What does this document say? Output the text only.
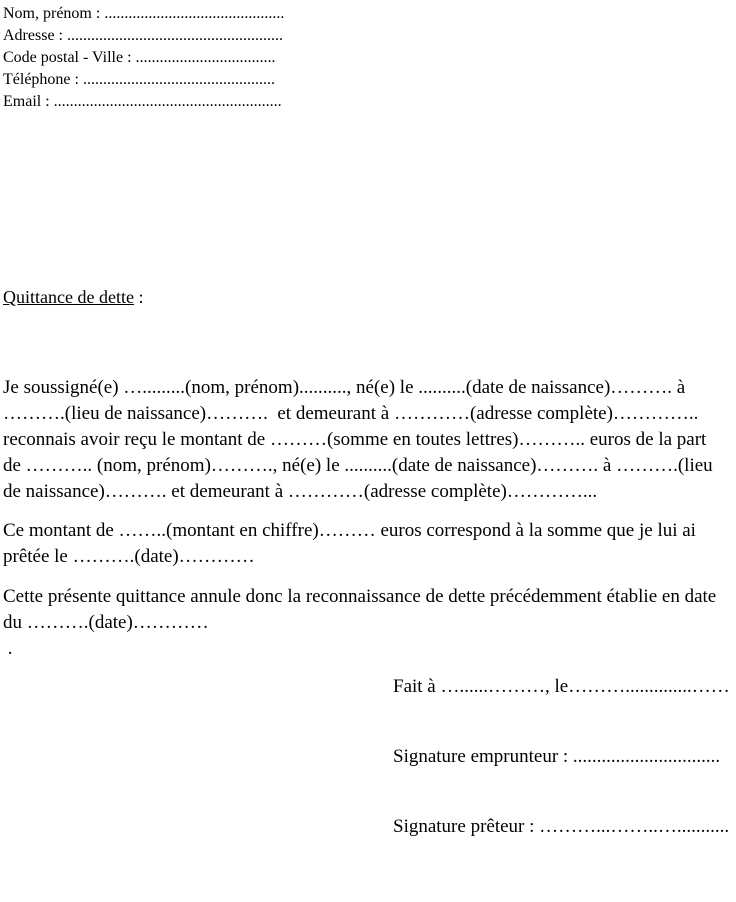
Nom, prénom : .............................................
Adresse : ......................................................
Code postal - Ville : ...................................
Téléphone : ................................................
Email : .........................................................
Quittance de dette :
Je soussigné(e) ….........(nom, prénom).........., né(e) le ..........(date de naissance)………. à
……….(lieu de naissance)……….  et demeurant à …………(adresse complète)…………..
reconnais avoir reçu le montant de ………(somme en toutes lettres)……….. euros de la part
de ……….. (nom, prénom)………., né(e) le ..........(date de naissance)………. à ……….(lieu
de naissance)………. et demeurant à …………(adresse complète)…………...
Ce montant de ……..(montant en chiffre)……… euros correspond à la somme que je lui ai
prêtée le ……….(date)…………
Cette présente quittance annule donc la reconnaissance de dette précédemment établie en date
du ……….(date)…………
.
Fait à …......………, le………..............……
Signature emprunteur : ...............................
Signature prêteur : ………...……..…...........
